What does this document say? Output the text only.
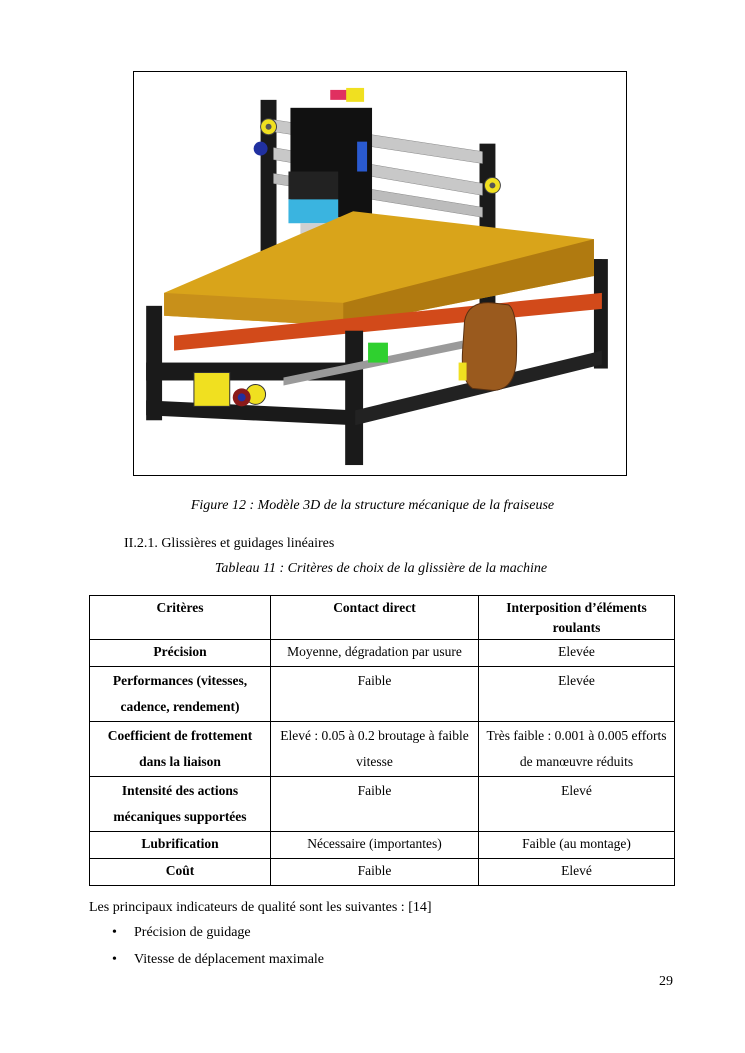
Figure 12 : Modèle 3D de la structure mécanique de la fraiseuse
II.2.1. Glissières et guidages linéaires
Tableau 11 : Critères de choix de la glissière de la machine
Critères	Contact direct	Interposition d’éléments roulants
Précision	Moyenne, dégradation par usure	Elevée
Performances (vitesses, cadence, rendement)	Faible	Elevée
Coefficient de frottement dans la liaison	Elevé : 0.05 à 0.2 broutage à faible vitesse	Très faible : 0.001 à 0.005 efforts de manœuvre réduits
Intensité des actions mécaniques supportées	Faible	Elevé
Lubrification	Nécessaire (importantes)	Faible (au montage)
Coût	Faible	Elevé
Les principaux indicateurs de qualité sont les suivantes : [14]
• Précision de guidage
• Vitesse de déplacement maximale
29
